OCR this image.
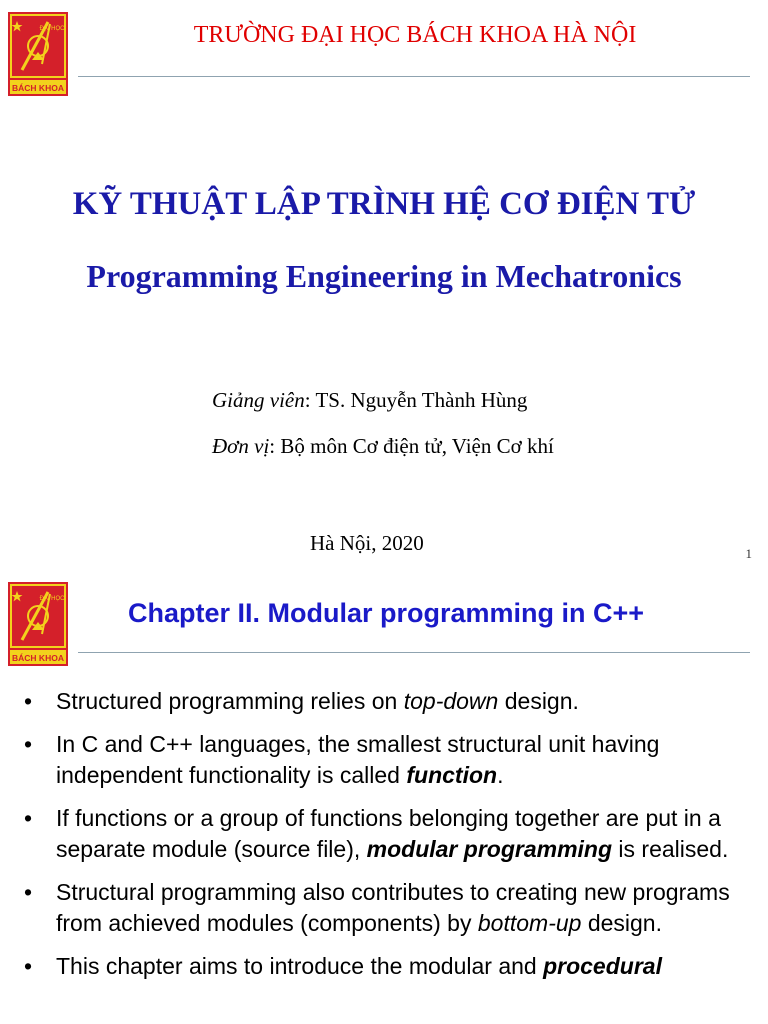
ĐẠI HỌC
BÁCH KHOA
TRƯỜNG ĐẠI HỌC BÁCH KHOA HÀ NỘI
KỸ THUẬT LẬP TRÌNH HỆ CƠ ĐIỆN TỬ
Programming Engineering in Mechatronics
Giảng viên: TS. Nguyễn Thành Hùng
Đơn vị: Bộ môn Cơ điện tử, Viện Cơ khí
Hà Nội, 2020	1
ĐẠI HỌC
BÁCH KHOA
Chapter II. Modular programming in C++
• Structured programming relies on top-down design.
• In C and C++ languages, the smallest structural unit having independent functionality is called function.
• If functions or a group of functions belonging together are put in a separate module (source file), modular programming is realised.
• Structural programming also contributes to creating new programs from achieved modules (components) by bottom-up design.
• This chapter aims to introduce the modular and procedural
